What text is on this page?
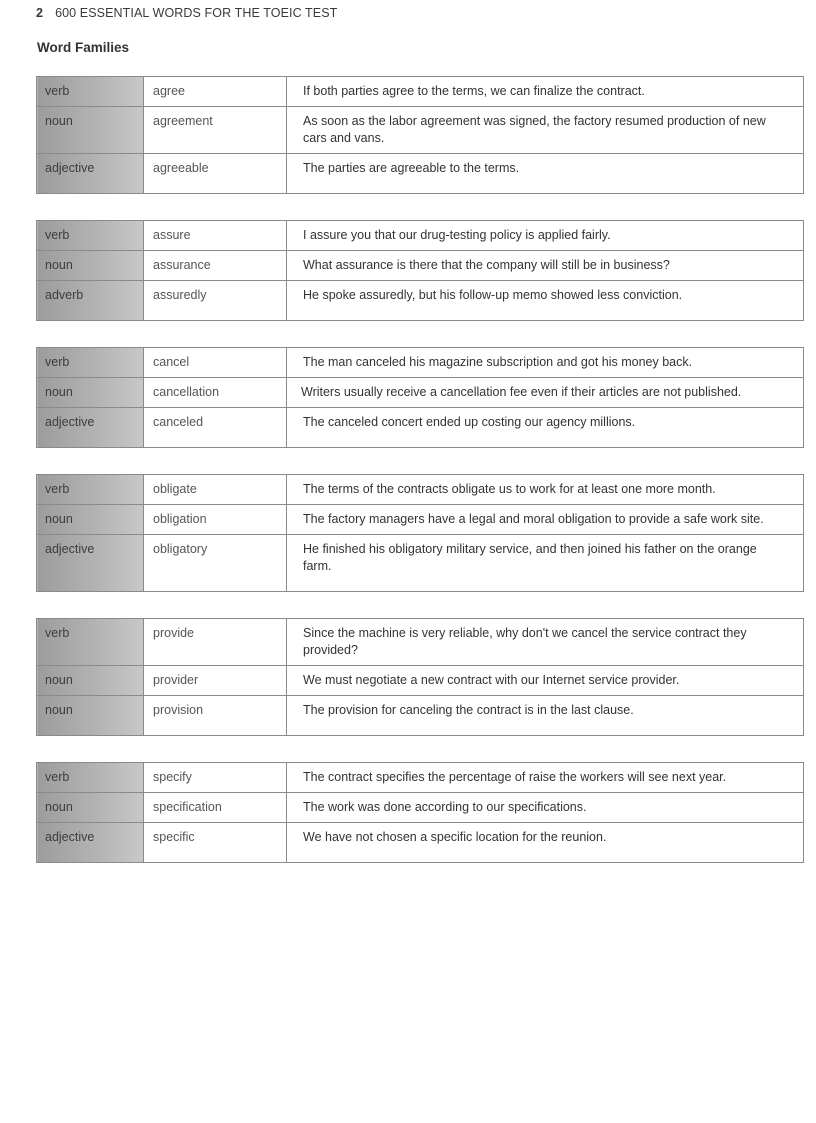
2 600 ESSENTIAL WORDS FOR THE TOEIC TEST
Word Families
verb	agree	If both parties agree to the terms, we can finalize the contract.
noun	agreement	As soon as the labor agreement was signed, the factory resumed production of new cars and vans.
adjective	agreeable	The parties are agreeable to the terms.
verb	assure	I assure you that our drug-testing policy is applied fairly.
noun	assurance	What assurance is there that the company will still be in business?
adverb	assuredly	He spoke assuredly, but his follow-up memo showed less conviction.
verb	cancel	The man canceled his magazine subscription and got his money back.
noun	cancellation	Writers usually receive a cancellation fee even if their articles are not published.
adjective	canceled	The canceled concert ended up costing our agency millions.
verb	obligate	The terms of the contracts obligate us to work for at least one more month.
noun	obligation	The factory managers have a legal and moral obligation to provide a safe work site.
adjective	obligatory	He finished his obligatory military service, and then joined his father on the orange farm.
verb	provide	Since the machine is very reliable, why don't we cancel the service contract they provided?
noun	provider	We must negotiate a new contract with our Internet service provider.
noun	provision	The provision for canceling the contract is in the last clause.
verb	specify	The contract specifies the percentage of raise the workers will see next year.
noun	specification	The work was done according to our specifications.
adjective	specific	We have not chosen a specific location for the reunion.
